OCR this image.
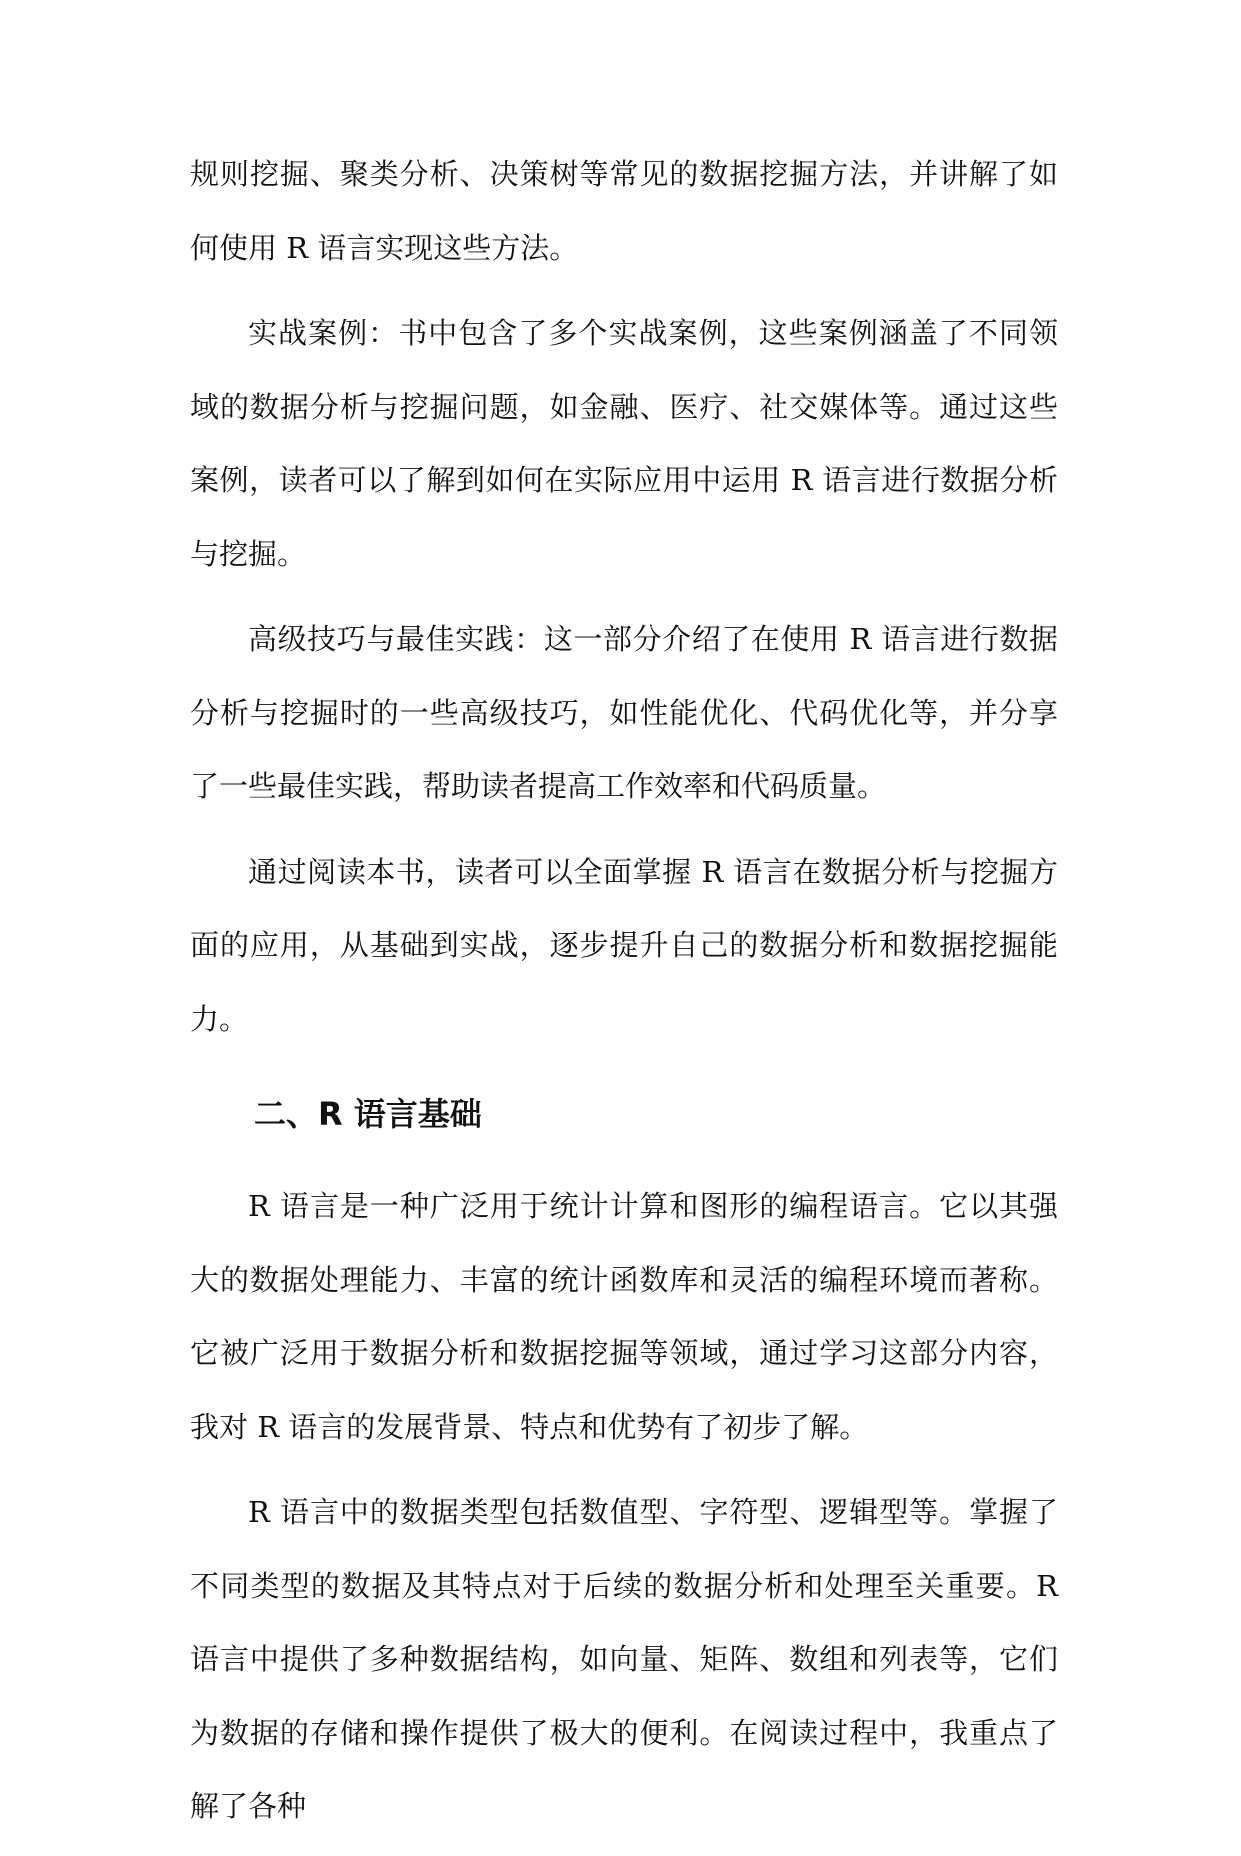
规则挖掘、聚类分析、决策树等常见的数据挖掘方法，并讲解了如何使用 R 语言实现这些方法。

实战案例：书中包含了多个实战案例，这些案例涵盖了不同领域的数据分析与挖掘问题，如金融、医疗、社交媒体等。通过这些案例，读者可以了解到如何在实际应用中运用 R 语言进行数据分析与挖掘。

高级技巧与最佳实践：这一部分介绍了在使用 R 语言进行数据分析与挖掘时的一些高级技巧，如性能优化、代码优化等，并分享了一些最佳实践，帮助读者提高工作效率和代码质量。

通过阅读本书，读者可以全面掌握 R 语言在数据分析与挖掘方面的应用，从基础到实战，逐步提升自己的数据分析和数据挖掘能力。

二、R 语言基础

R 语言是一种广泛用于统计计算和图形的编程语言。它以其强大的数据处理能力、丰富的统计函数库和灵活的编程环境而著称。它被广泛用于数据分析和数据挖掘等领域，通过学习这部分内容，我对 R 语言的发展背景、特点和优势有了初步了解。

R 语言中的数据类型包括数值型、字符型、逻辑型等。掌握了不同类型的数据及其特点对于后续的数据分析和处理至关重要。R 语言中提供了多种数据结构，如向量、矩阵、数组和列表等，它们为数据的存储和操作提供了极大的便利。在阅读过程中，我重点了解了各种
